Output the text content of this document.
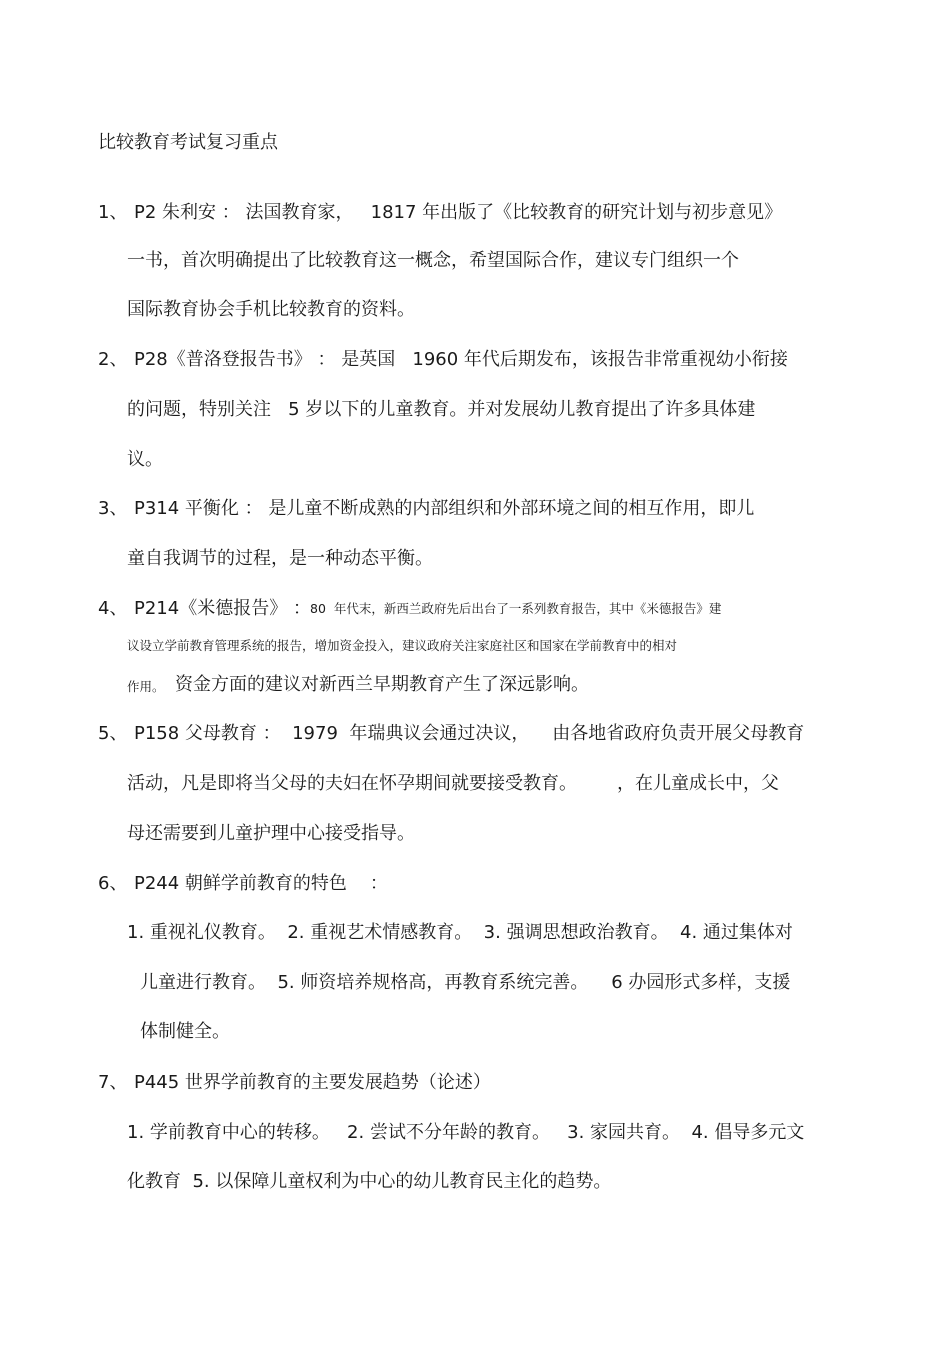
比较教育考试复习重点
1、 P2 朱利安 ： 法国教育家，   1817 年出版了《比较教育的研究计划与初步意见》
一书，首次明确提出了比较教育这一概念，希望国际合作，建议专门组织一个
国际教育协会手机比较教育的资料。
2、 P28《普洛登报告书》 ： 是英国   1960 年代后期发布，该报告非常重视幼小衔接
的问题，特别关注   5 岁以下的儿童教育。并对发展幼儿教育提出了许多具体建
议。
3、 P314 平衡化 ： 是儿童不断成熟的内部组织和外部环境之间的相互作用，即儿
童自我调节的过程，是一种动态平衡。
4、 P214《米德报告》 ： 80  年代末，新西兰政府先后出台了一系列教育报告，其中《米德报告》建
议设立学前教育管理系统的报告，增加资金投入，建议政府关注家庭社区和国家在学前教育中的相对
作用。 资金方面的建议对新西兰早期教育产生了深远影响。
5、 P158 父母教育 ：  1979  年瑞典议会通过决议，    由各地省政府负责开展父母教育
活动，凡是即将当父母的夫妇在怀孕期间就要接受教育。       ，在儿童成长中，父
母还需要到儿童护理中心接受指导。
6、 P244 朝鲜学前教育的特色    ：
1. 重视礼仪教育。  2. 重视艺术情感教育。  3. 强调思想政治教育。  4. 通过集体对
儿童进行教育。  5. 师资培养规格高，再教育系统完善。    6 办园形式多样，支援
体制健全。
7、 P445 世界学前教育的主要发展趋势（论述）
1. 学前教育中心的转移。   2. 尝试不分年龄的教育。   3. 家园共育。  4. 倡导多元文
化教育  5. 以保障儿童权利为中心的幼儿教育民主化的趋势。
